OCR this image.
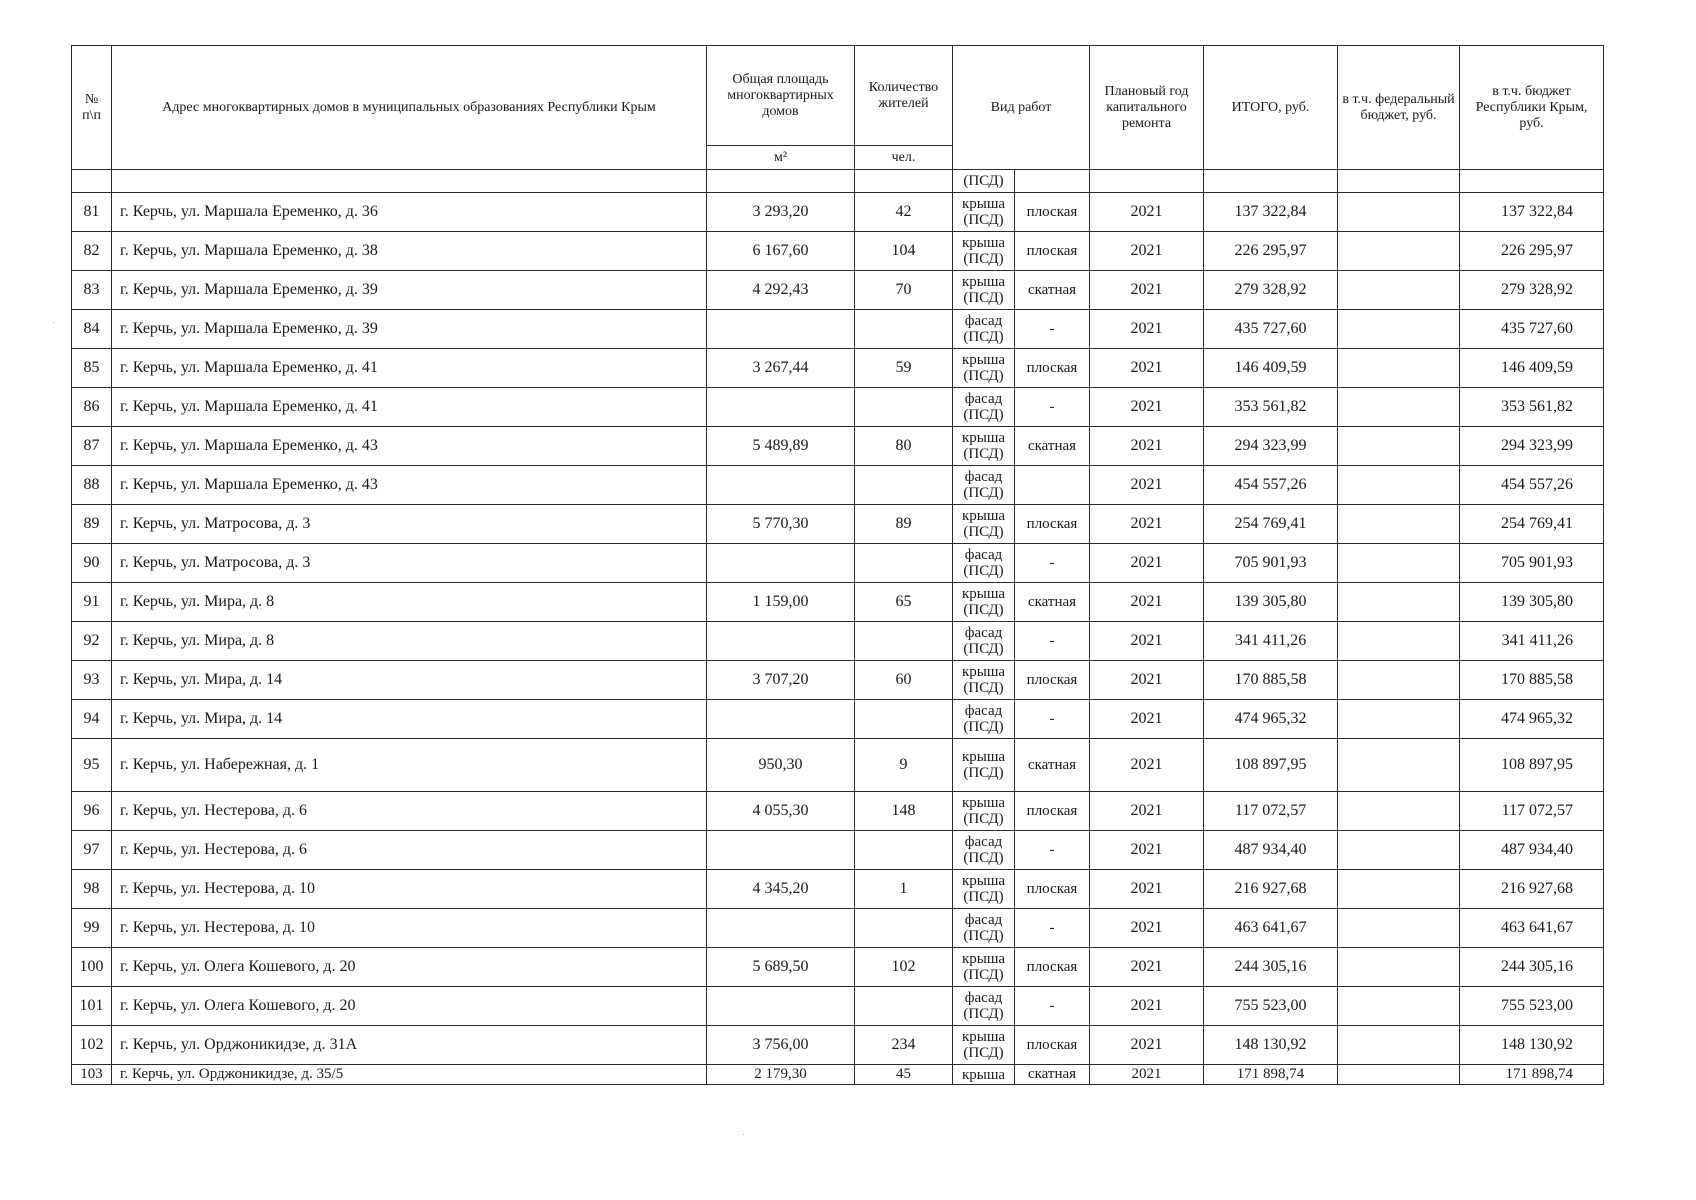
№ п\п	Адрес многоквартирных домов в муниципальных образованиях Республики Крым	Общая площадь многоквартирных домов	Количество жителей	Вид работ		Плановый год капитального ремонта	ИТОГО, руб.	в т.ч. федеральный бюджет, руб.	в т.ч. бюджет Республики Крым, руб.
		м²	чел.						
				(ПСД)					
81	г. Керчь, ул. Маршала Еременко, д. 36	3 293,20	42	крыша (ПСД)	плоская	2021	137 322,84		137 322,84
82	г. Керчь, ул. Маршала Еременко, д. 38	6 167,60	104	крыша (ПСД)	плоская	2021	226 295,97		226 295,97
83	г. Керчь, ул. Маршала Еременко, д. 39	4 292,43	70	крыша (ПСД)	скатная	2021	279 328,92		279 328,92
84	г. Керчь, ул. Маршала Еременко, д. 39			фасад (ПСД)	-	2021	435 727,60		435 727,60
85	г. Керчь, ул. Маршала Еременко, д. 41	3 267,44	59	крыша (ПСД)	плоская	2021	146 409,59		146 409,59
86	г. Керчь, ул. Маршала Еременко, д. 41			фасад (ПСД)	-	2021	353 561,82		353 561,82
87	г. Керчь, ул. Маршала Еременко, д. 43	5 489,89	80	крыша (ПСД)	скатная	2021	294 323,99		294 323,99
88	г. Керчь, ул. Маршала Еременко, д. 43			фасад (ПСД)		2021	454 557,26		454 557,26
89	г. Керчь, ул. Матросова, д. 3	5 770,30	89	крыша (ПСД)	плоская	2021	254 769,41		254 769,41
90	г. Керчь, ул. Матросова, д. 3			фасад (ПСД)	-	2021	705 901,93		705 901,93
91	г. Керчь, ул. Мира, д. 8	1 159,00	65	крыша (ПСД)	скатная	2021	139 305,80		139 305,80
92	г. Керчь, ул. Мира, д. 8			фасад (ПСД)	-	2021	341 411,26		341 411,26
93	г. Керчь, ул. Мира, д. 14	3 707,20	60	крыша (ПСД)	плоская	2021	170 885,58		170 885,58
94	г. Керчь, ул. Мира, д. 14			фасад (ПСД)	-	2021	474 965,32		474 965,32
95	г. Керчь, ул. Набережная, д. 1	950,30	9	крыша (ПСД)	скатная	2021	108 897,95		108 897,95
96	г. Керчь, ул. Нестерова, д. 6	4 055,30	148	крыша (ПСД)	плоская	2021	117 072,57		117 072,57
97	г. Керчь, ул. Нестерова, д. 6			фасад (ПСД)	-	2021	487 934,40		487 934,40
98	г. Керчь, ул. Нестерова, д. 10	4 345,20	1	крыша (ПСД)	плоская	2021	216 927,68		216 927,68
99	г. Керчь, ул. Нестерова, д. 10			фасад (ПСД)	-	2021	463 641,67		463 641,67
100	г. Керчь, ул. Олега Кошевого, д. 20	5 689,50	102	крыша (ПСД)	плоская	2021	244 305,16		244 305,16
101	г. Керчь, ул. Олега Кошевого, д. 20			фасад (ПСД)	-	2021	755 523,00		755 523,00
102	г. Керчь, ул. Орджоникидзе, д. 31А	3 756,00	234	крыша (ПСД)	плоская	2021	148 130,92		148 130,92
103	г. Керчь, ул. Орджоникидзе, д. 35/5	2 179,30	45	крыша	скатная	2021	171 898,74		171 898,74
·
·
